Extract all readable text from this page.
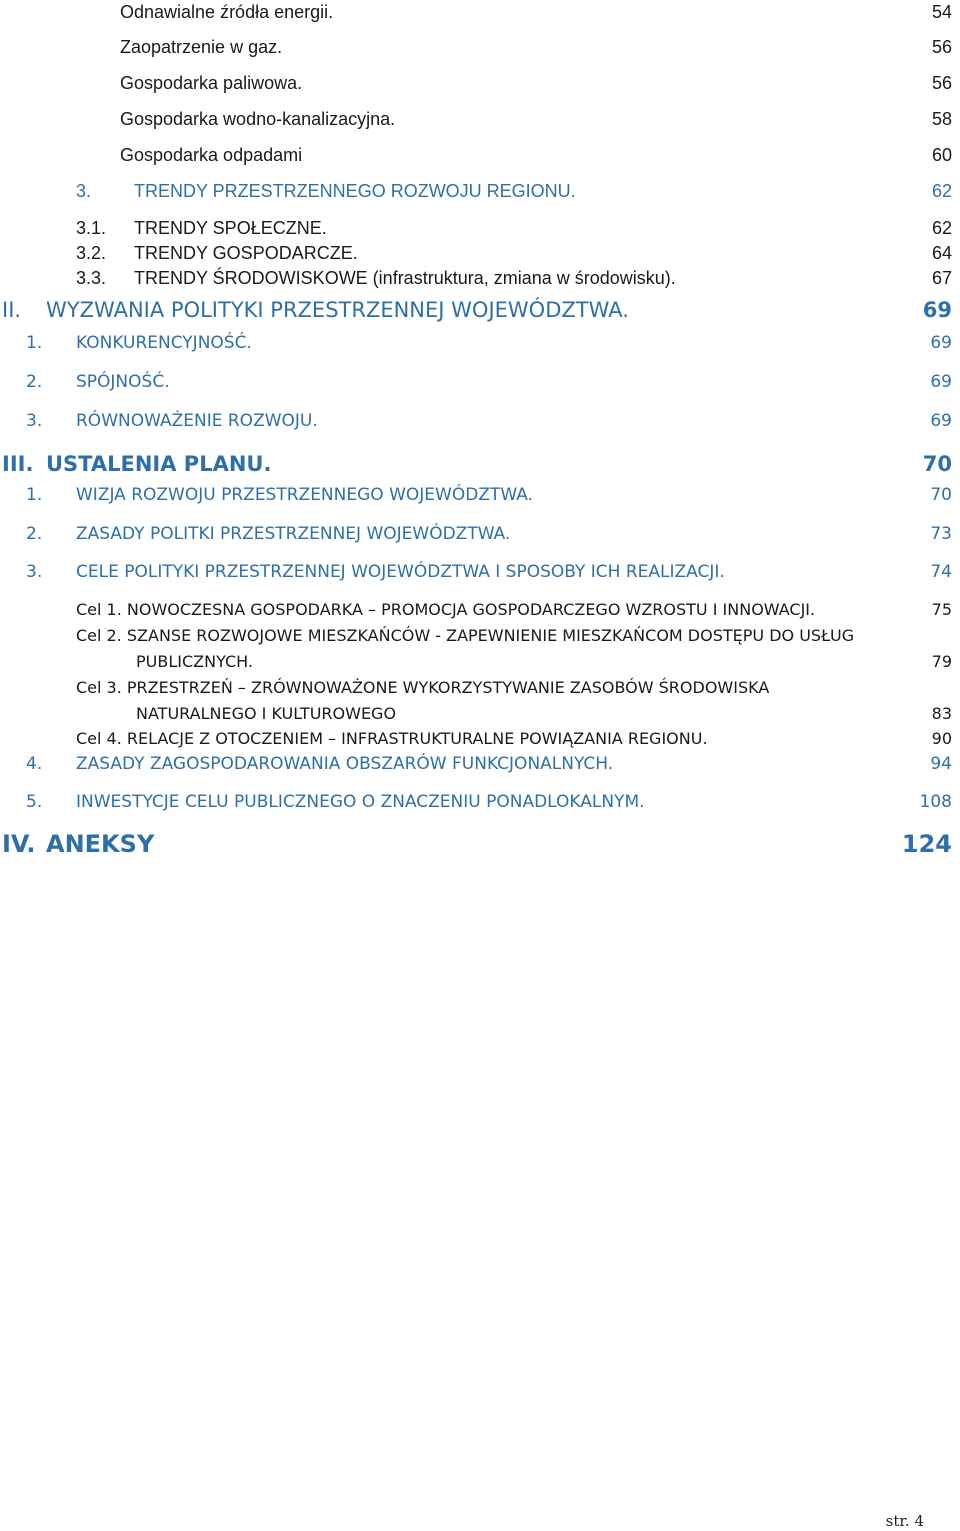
Odnawialne źródła energii.	54
Zaopatrzenie w gaz.	56
Gospodarka paliwowa.	56
Gospodarka wodno-kanalizacyjna.	58
Gospodarka odpadami	60
3. TRENDY PRZESTRZENNEGO ROZWOJU REGIONU.	62
3.1. TRENDY SPOŁECZNE.	62
3.2. TRENDY GOSPODARCZE.	64
3.3. TRENDY ŚRODOWISKOWE (infrastruktura, zmiana w środowisku).	67
II. WYZWANIA POLITYKI PRZESTRZENNEJ WOJEWÓDZTWA.	69
1. KONKURENCYJNOŚĆ.	69
2. SPÓJNOŚĆ.	69
3. RÓWNOWAŻENIE ROZWOJU.	69
III. USTALENIA PLANU.	70
1. WIZJA ROZWOJU PRZESTRZENNEGO WOJEWÓDZTWA.	70
2. ZASADY POLITKI PRZESTRZENNEJ WOJEWÓDZTWA.	73
3. CELE POLITYKI PRZESTRZENNEJ WOJEWÓDZTWA I SPOSOBY ICH REALIZACJI.	74
Cel 1. NOWOCZESNA GOSPODARKA – PROMOCJA GOSPODARCZEGO WZROSTU I INNOWACJI.	75
Cel 2. SZANSE ROZWOJOWE MIESZKAŃCÓW - ZAPEWNIENIE MIESZKAŃCOM DOSTĘPU DO USŁUG
PUBLICZNYCH.	79
Cel 3. PRZESTRZEŃ – ZRÓWNOWAŻONE WYKORZYSTYWANIE ZASOBÓW ŚRODOWISKA
NATURALNEGO I KULTUROWEGO	83
Cel 4. RELACJE Z OTOCZENIEM – INFRASTRUKTURALNE POWIĄZANIA REGIONU.	90
4. ZASADY ZAGOSPODAROWANIA OBSZARÓW FUNKCJONALNYCH.	94
5. INWESTYCJE CELU PUBLICZNEGO O ZNACZENIU PONADLOKALNYM.	108
IV. ANEKSY	124
str. 4
